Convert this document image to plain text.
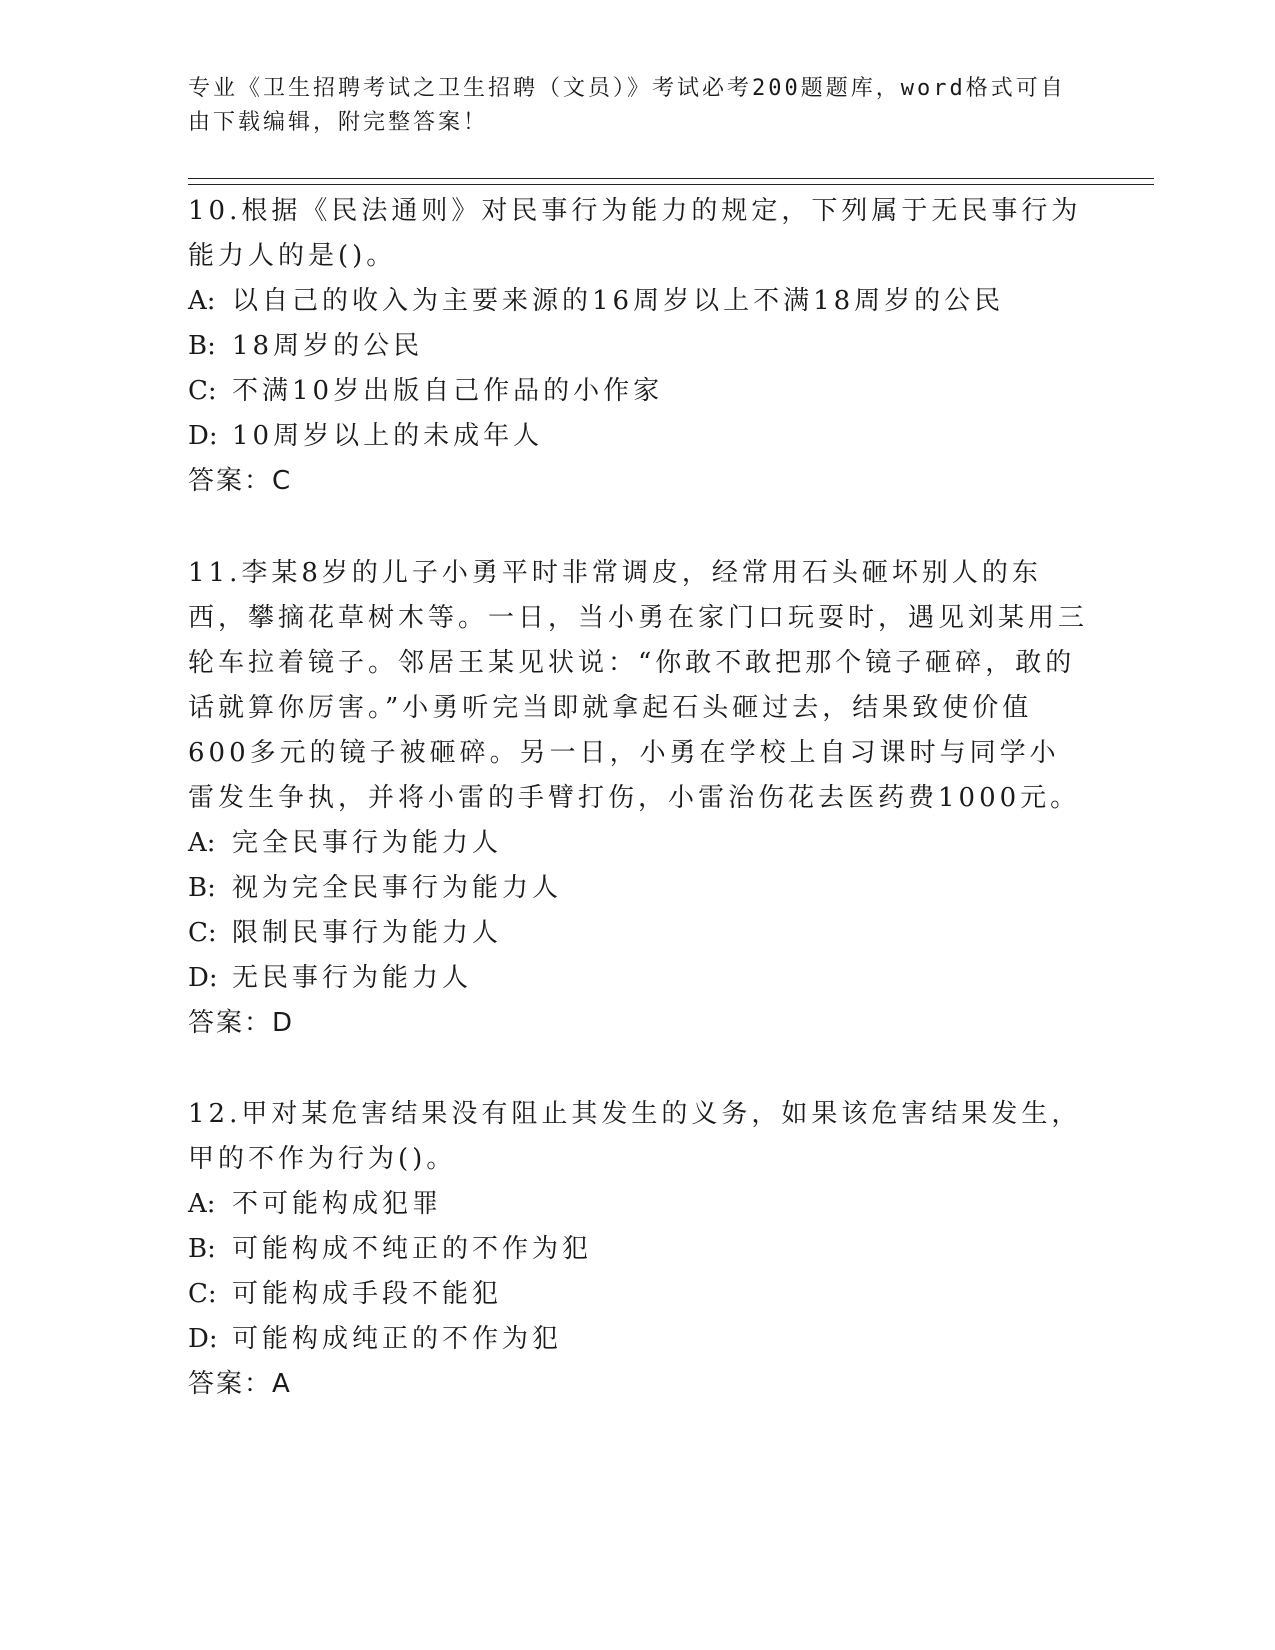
专业《卫生招聘考试之卫生招聘（文员）》考试必考200题题库，word格式可自由下载编辑，附完整答案！
10.根据《民法通则》对民事行为能力的规定，下列属于无民事行为能力人的是()。
A: 以自己的收入为主要来源的16周岁以上不满18周岁的公民
B: 18周岁的公民
C: 不满10岁出版自己作品的小作家
D: 10周岁以上的未成年人
答案：C
11.李某8岁的儿子小勇平时非常调皮，经常用石头砸坏别人的东西，攀摘花草树木等。一日，当小勇在家门口玩耍时，遇见刘某用三轮车拉着镜子。邻居王某见状说：“你敢不敢把那个镜子砸碎，敢的话就算你厉害。”小勇听完当即就拿起石头砸过去，结果致使价值600多元的镜子被砸碎。另一日，小勇在学校上自习课时与同学小雷发生争执，并将小雷的手臂打伤，小雷治伤花去医药费1000元。
A: 完全民事行为能力人
B: 视为完全民事行为能力人
C: 限制民事行为能力人
D: 无民事行为能力人
答案：D
12.甲对某危害结果没有阻止其发生的义务，如果该危害结果发生，甲的不作为行为()。
A: 不可能构成犯罪
B: 可能构成不纯正的不作为犯
C: 可能构成手段不能犯
D: 可能构成纯正的不作为犯
答案：A
